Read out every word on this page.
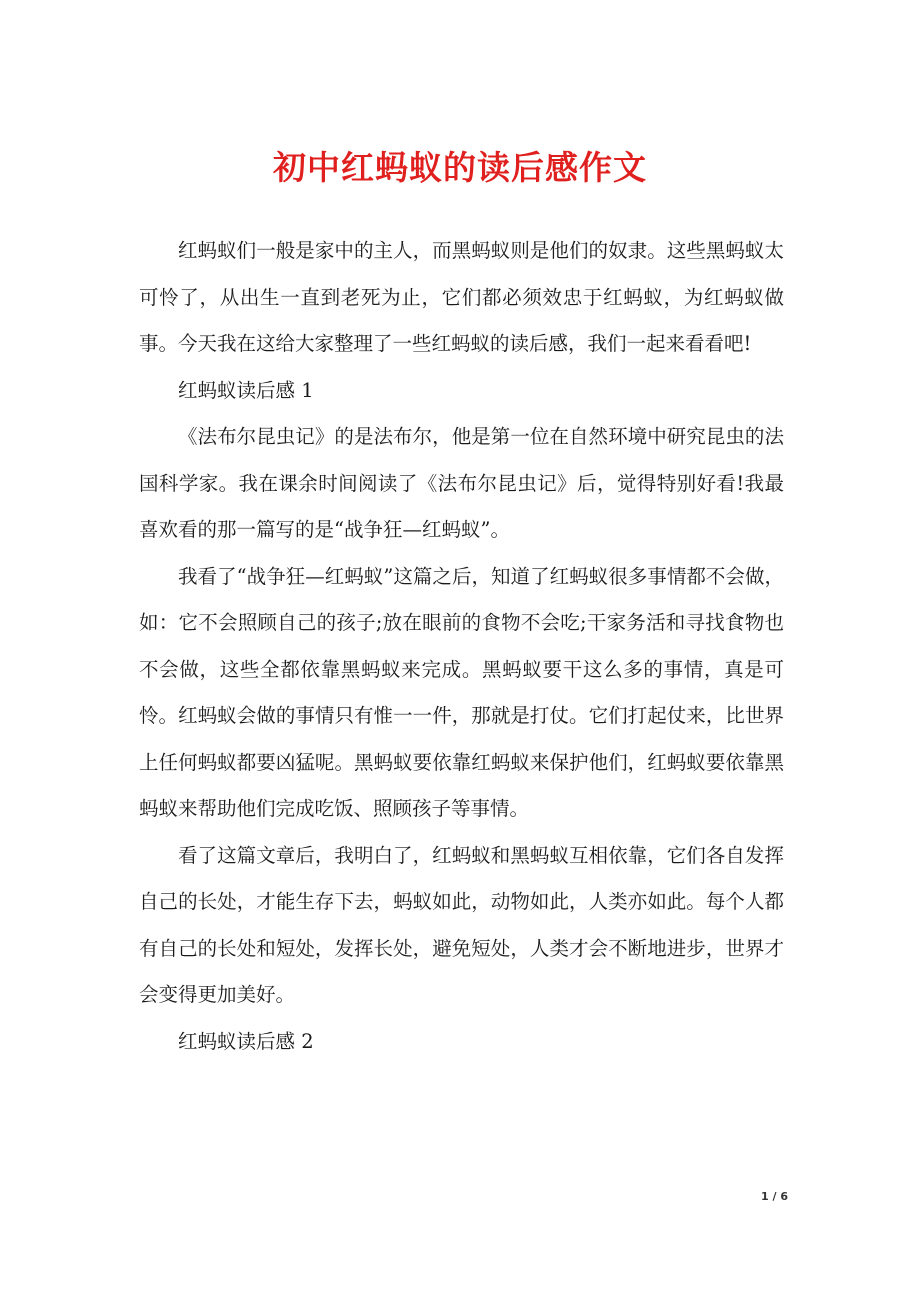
初中红蚂蚁的读后感作文

红蚂蚁们一般是家中的主人，而黑蚂蚁则是他们的奴隶。这些黑蚂蚁太可怜了，从出生一直到老死为止，它们都必须效忠于红蚂蚁，为红蚂蚁做事。今天我在这给大家整理了一些红蚂蚁的读后感，我们一起来看看吧!

红蚂蚁读后感 1

《法布尔昆虫记》的是法布尔，他是第一位在自然环境中研究昆虫的法国科学家。我在课余时间阅读了《法布尔昆虫记》后，觉得特别好看!我最喜欢看的那一篇写的是“战争狂—红蚂蚁”。

我看了“战争狂—红蚂蚁”这篇之后，知道了红蚂蚁很多事情都不会做，如：它不会照顾自己的孩子;放在眼前的食物不会吃;干家务活和寻找食物也不会做，这些全都依靠黑蚂蚁来完成。黑蚂蚁要干这么多的事情，真是可怜。红蚂蚁会做的事情只有惟一一件，那就是打仗。它们打起仗来，比世界上任何蚂蚁都要凶猛呢。黑蚂蚁要依靠红蚂蚁来保护他们，红蚂蚁要依靠黑蚂蚁来帮助他们完成吃饭、照顾孩子等事情。

看了这篇文章后，我明白了，红蚂蚁和黑蚂蚁互相依靠，它们各自发挥自己的长处，才能生存下去，蚂蚁如此，动物如此，人类亦如此。每个人都有自己的长处和短处，发挥长处，避免短处，人类才会不断地进步，世界才会变得更加美好。

红蚂蚁读后感 2

1 / 6
